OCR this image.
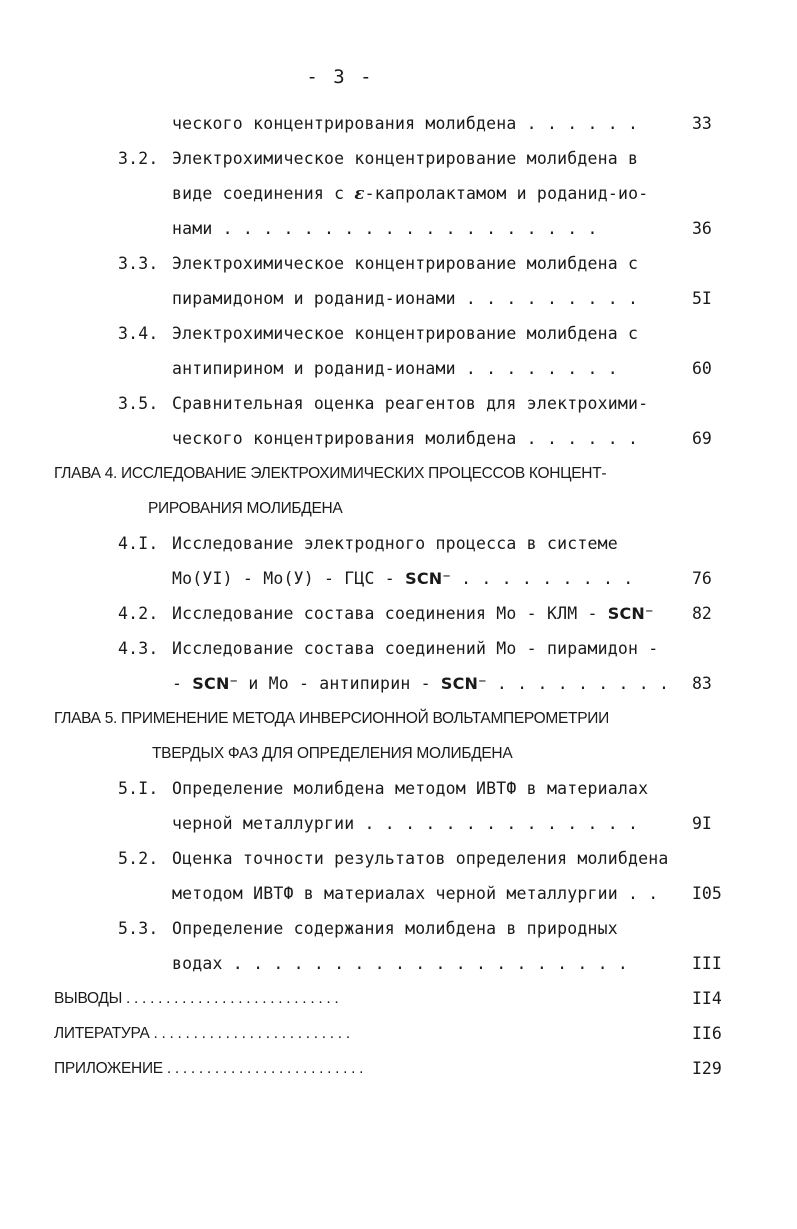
- 3 -
ческого концентрирования молибдена . . . . . .	33
3.2. Электрохимическое концентрирование молибдена в
виде соединения с ε-капролактамом и роданид-ио-
нами . . . . . . . . . . . . . . . . . . .	36
3.3. Электрохимическое концентрирование молибдена с
пирамидоном и роданид-ионами . . . . . . . . .	5I
3.4. Электрохимическое концентрирование молибдена с
антипирином и роданид-ионами . . . . . . . .	60
3.5. Сравнительная оценка реагентов для электрохими-
ческого концентрирования молибдена . . . . . .	69
ГЛАВА 4. ИССЛЕДОВАНИЕ ЭЛЕКТРОХИМИЧЕСКИХ ПРОЦЕССОВ КОНЦЕНТ-
РИРОВАНИЯ МОЛИБДЕНА
4.I. Исследование электродного процесса в системе
Mo(УI) - Mo(У) - ГЦС - SCN⁻ . . . . . . . . .	76
4.2. Исследование состава соединения Mo - КЛМ - SCN⁻ 82
4.3. Исследование состава соединений Mo - пирамидон -
- SCN⁻ и Mo - антипирин - SCN⁻ . . . . . . . . . 83
ГЛАВА 5. ПРИМЕНЕНИЕ МЕТОДА ИНВЕРСИОННОЙ ВОЛЬТАМПЕРОМЕТРИИ
ТВЕРДЫХ ФАЗ ДЛЯ ОПРЕДЕЛЕНИЯ МОЛИБДЕНА
5.I. Определение молибдена методом ИВТФ в материалах
черной металлургии . . . . . . . . . . . . . .	9I
5.2. Оценка точности результатов определения молибдена
методом ИВТФ в материалах черной металлургии . . I05
5.3. Определение содержания молибдена в природных
водах . . . . . . . . . . . . . . . . . . . .	III
ВЫВОДЫ . . . . . . . . . . . . . . . . . . . . . . . . . . .	II4
ЛИТЕРАТУРА . . . . . . . . . . . . . . . . . . . . . . . . .	II6
ПРИЛОЖЕНИЕ . . . . . . . . . . . . . . . . . . . . . . . . .	I29
